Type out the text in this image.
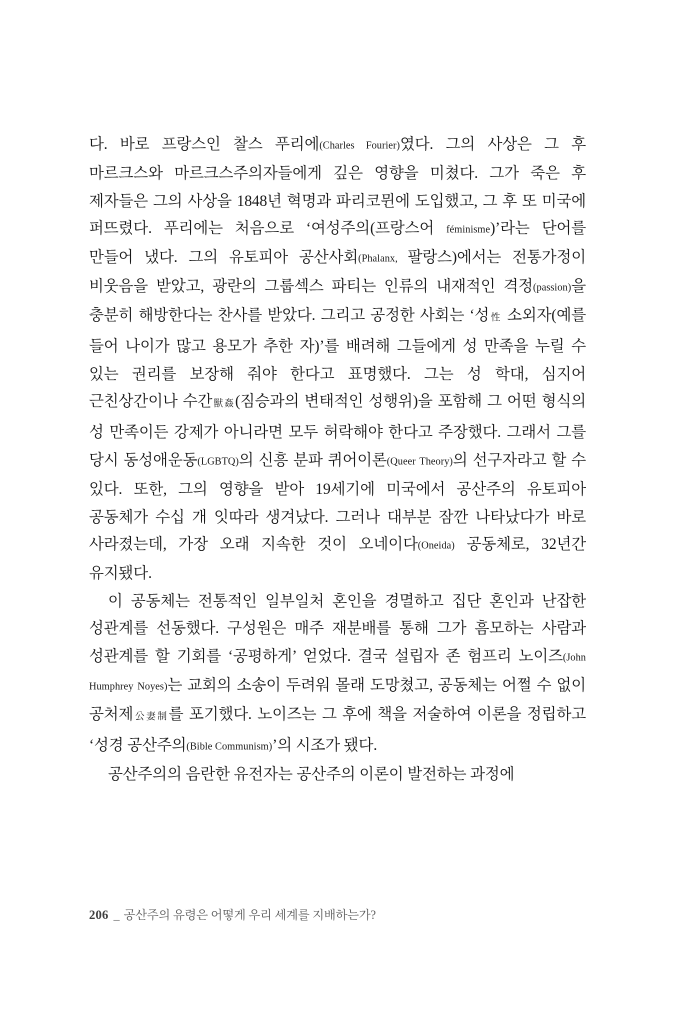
다. 바로 프랑스인 찰스 푸리에(Charles Fourier)였다. 그의 사상은 그 후 마르크스와 마르크스주의자들에게 깊은 영향을 미쳤다. 그가 죽은 후 제자들은 그의 사상을 1848년 혁명과 파리코뮌에 도입했고, 그 후 또 미국에 퍼뜨렸다. 푸리에는 처음으로 ‘여성주의(프랑스어 féminisme)’라는 단어를 만들어 냈다. 그의 유토피아 공산사회(Phalanx, 팔랑스)에서는 전통가정이 비웃음을 받았고, 광란의 그룹섹스 파티는 인류의 내재적인 격정(passion)을 충분히 해방한다는 찬사를 받았다. 그리고 공정한 사회는 ‘성性 소외자(예를 들어 나이가 많고 용모가 추한 자)’를 배려해 그들에게 성 만족을 누릴 수 있는 권리를 보장해 줘야 한다고 표명했다. 그는 성 학대, 심지어 근친상간이나 수간獸姦(짐승과의 변태적인 성행위)을 포함해 그 어떤 형식의 성 만족이든 강제가 아니라면 모두 허락해야 한다고 주장했다. 그래서 그를 당시 동성애운동(LGBTQ)의 신흥 분파 퀴어이론(Queer Theory)의 선구자라고 할 수 있다. 또한, 그의 영향을 받아 19세기에 미국에서 공산주의 유토피아 공동체가 수십 개 잇따라 생겨났다. 그러나 대부분 잠깐 나타났다가 바로 사라졌는데, 가장 오래 지속한 것이 오네이다(Oneida) 공동체로, 32년간 유지됐다.

이 공동체는 전통적인 일부일처 혼인을 경멸하고 집단 혼인과 난잡한 성관계를 선동했다. 구성원은 매주 재분배를 통해 그가 흠모하는 사람과 성관계를 할 기회를 ‘공평하게’ 얻었다. 결국 설립자 존 험프리 노이즈(John Humphrey Noyes)는 교회의 소송이 두려워 몰래 도망쳤고, 공동체는 어쩔 수 없이 공처제公妻制를 포기했다. 노이즈는 그 후에 책을 저술하여 이론을 정립하고 ‘성경 공산주의(Bible Communism)’의 시조가 됐다.

공산주의의 음란한 유전자는 공산주의 이론이 발전하는 과정에

206 _ 공산주의 유령은 어떻게 우리 세계를 지배하는가?
